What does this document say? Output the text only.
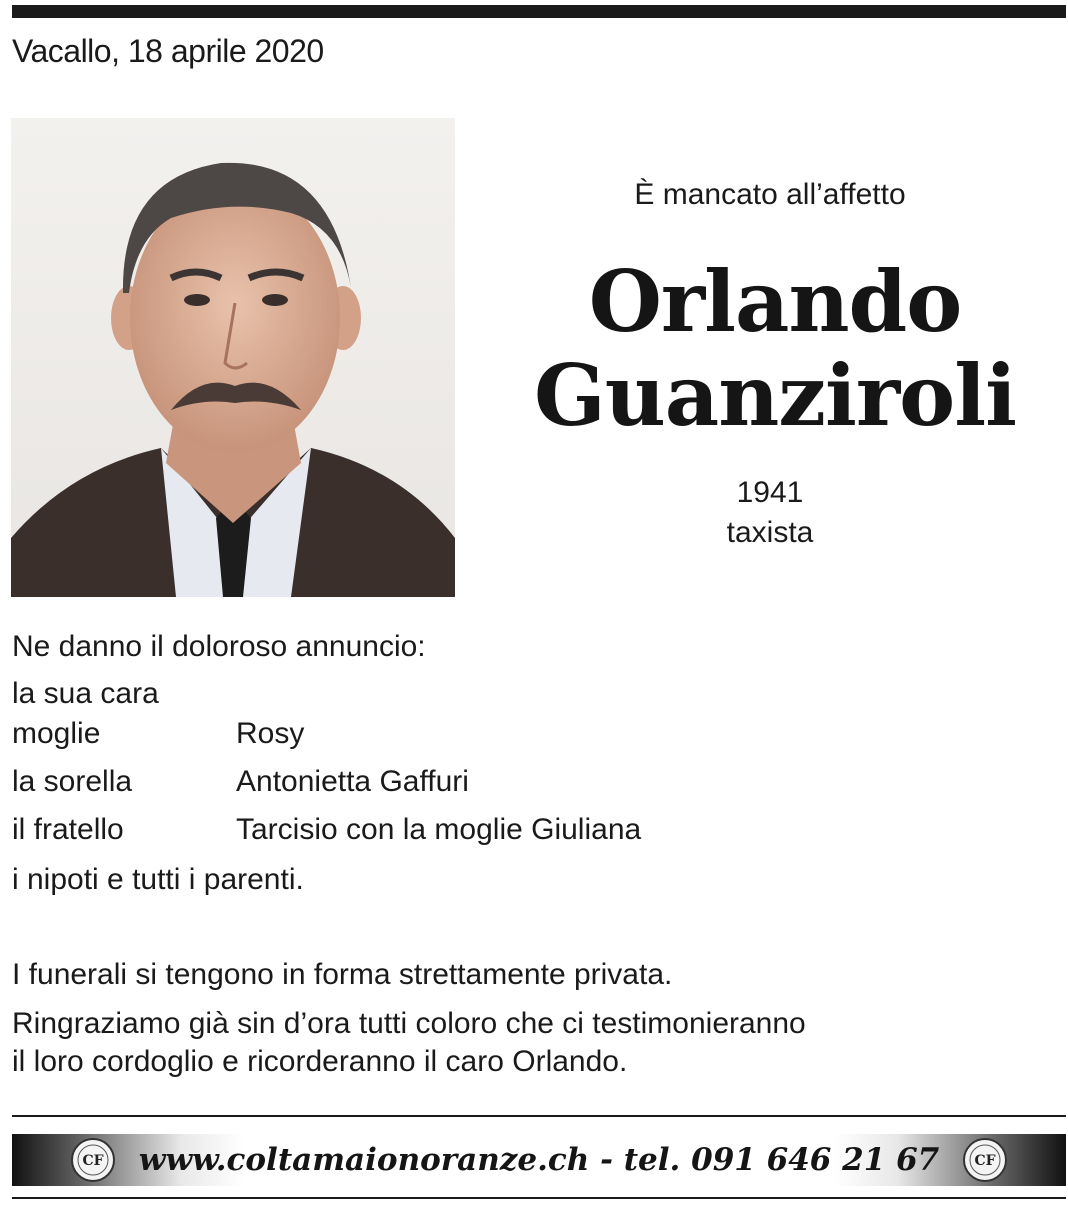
Vacallo, 18 aprile 2020
È mancato all’affetto
Orlando
Guanziroli
1941
taxista
Ne danno il doloroso annuncio:
la sua cara
moglie	Rosy
la sorella	Antonietta Gaffuri
il fratello	Tarcisio con la moglie Giuliana
i nipoti e tutti i parenti.
I funerali si tengono in forma strettamente privata.
Ringraziamo già sin d’ora tutti coloro che ci testimonieranno
il loro cordoglio e ricorderanno il caro Orlando.
CF	www.coltamaionoranze.ch - tel. 091 646 21 67	CF
